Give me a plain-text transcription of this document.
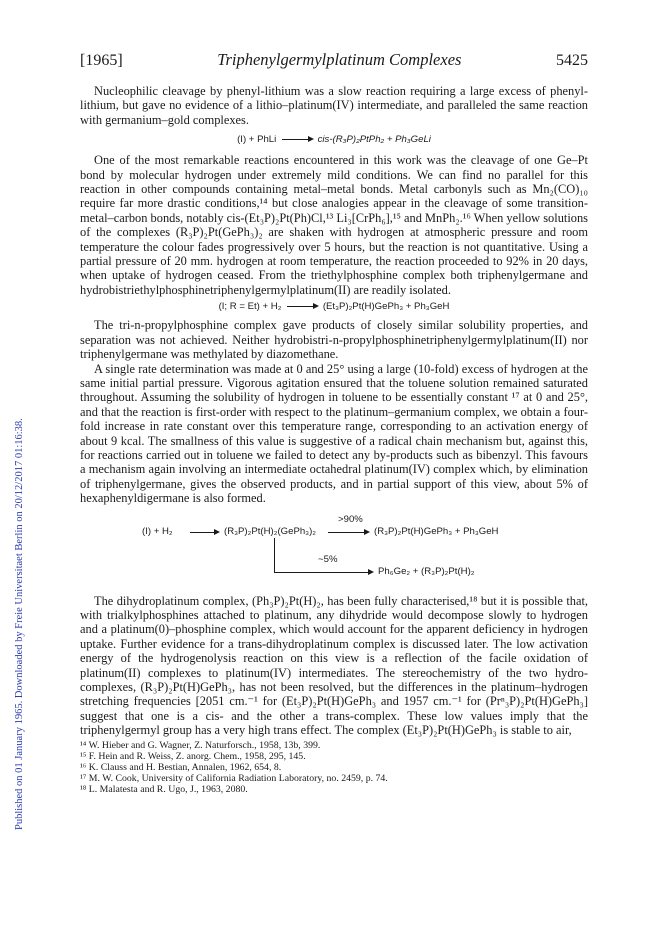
Published on 01 January 1965. Downloaded by Freie Universitaet Berlin on 20/12/2017 01:16:38.
[1965]	Triphenylgermylplatinum Complexes	5425

Nucleophilic cleavage by phenyl-lithium was a slow reaction requiring a large excess of phenyl-lithium, but gave no evidence of a lithio–platinum(IV) intermediate, and paralleled the same reaction with germanium–gold complexes.

(I) + PhLi	cis-(R₃P)₂PtPh₂ + Ph₃GeLi

One of the most remarkable reactions encountered in this work was the cleavage of one Ge–Pt bond by molecular hydrogen under extremely mild conditions. We can find no parallel for this reaction in other compounds containing metal–metal bonds. Metal carbonyls such as Mn₂(CO)₁₀ require far more drastic conditions,¹⁴ but close analogies appear in the cleavage of some transition-metal–carbon bonds, notably cis-(Et₃P)₂Pt(Ph)Cl,¹³ Li₃[CrPh₆],¹⁵ and MnPh₂.¹⁶ When yellow solutions of the complexes (R₃P)₂Pt(GePh₃)₂ are shaken with hydrogen at atmospheric pressure and room temperature the colour fades progressively over 5 hours, but the reaction is not quantitative. Using a partial pressure of 20 mm. hydrogen at room temperature, the reaction proceeded to 92% in 20 days, when uptake of hydrogen ceased. From the triethylphosphine complex both triphenylgermane and hydrobistriethylphosphinetriphenylgermylplatinum(II) are readily isolated.

(I; R = Et) + H₂	(Et₃P)₂Pt(H)GePh₃ + Ph₃GeH

The tri-n-propylphosphine complex gave products of closely similar solubility properties, and separation was not achieved. Neither hydrobistri-n-propylphosphinetriphenylgermylplatinum(II) nor triphenylgermane was methylated by diazomethane.

A single rate determination was made at 0 and 25° using a large (10-fold) excess of hydrogen at the same initial partial pressure. Vigorous agitation ensured that the toluene solution remained saturated throughout. Assuming the solubility of hydrogen in toluene to be essentially constant ¹⁷ at 0 and 25°, and that the reaction is first-order with respect to the platinum–germanium complex, we obtain a four-fold increase in rate constant over this temperature range, corresponding to an activation energy of about 9 kcal. The smallness of this value is suggestive of a radical chain mechanism but, against this, for reactions carried out in toluene we failed to detect any by-products such as bibenzyl. This favours a mechanism again involving an intermediate octahedral platinum(IV) complex which, by elimination of triphenylgermane, gives the observed products, and in partial support of this view, about 5% of hexaphenyldigermane is also formed.

(I) + H₂	(R₃P)₂Pt(H)₂(GePh₃)₂
>90%
(R₃P)₂Pt(H)GePh₃ + Ph₃GeH
~5%
Ph₆Ge₂ + (R₃P)₂Pt(H)₂

The dihydroplatinum complex, (Ph₃P)₂Pt(H)₂, has been fully characterised,¹⁸ but it is possible that, with trialkylphosphines attached to platinum, any dihydride would decompose slowly to hydrogen and a platinum(0)–phosphine complex, which would account for the apparent deficiency in hydrogen uptake. Further evidence for a trans-dihydroplatinum complex is discussed later. The low activation energy of the hydrogenolysis reaction on this view is a reflection of the facile oxidation of platinum(II) complexes to platinum(IV) intermediates. The stereochemistry of the two hydro-complexes, (R₃P)₂Pt(H)GePh₃, has not been resolved, but the differences in the platinum–hydrogen stretching frequencies [2051 cm.⁻¹ for (Et₃P)₂Pt(H)GePh₃ and 1957 cm.⁻¹ for (Prⁿ₃P)₂Pt(H)GePh₃] suggest that one is a cis- and the other a trans-complex. These low values imply that the triphenylgermyl group has a very high trans effect. The complex (Et₃P)₂Pt(H)GePh₃ is stable to air,

¹⁴ W. Hieber and G. Wagner, Z. Naturforsch., 1958, 13b, 399.
¹⁵ F. Hein and R. Weiss, Z. anorg. Chem., 1958, 295, 145.
¹⁶ K. Clauss and H. Bestian, Annalen, 1962, 654, 8.
¹⁷ M. W. Cook, University of California Radiation Laboratory, no. 2459, p. 74.
¹⁸ L. Malatesta and R. Ugo, J., 1963, 2080.
